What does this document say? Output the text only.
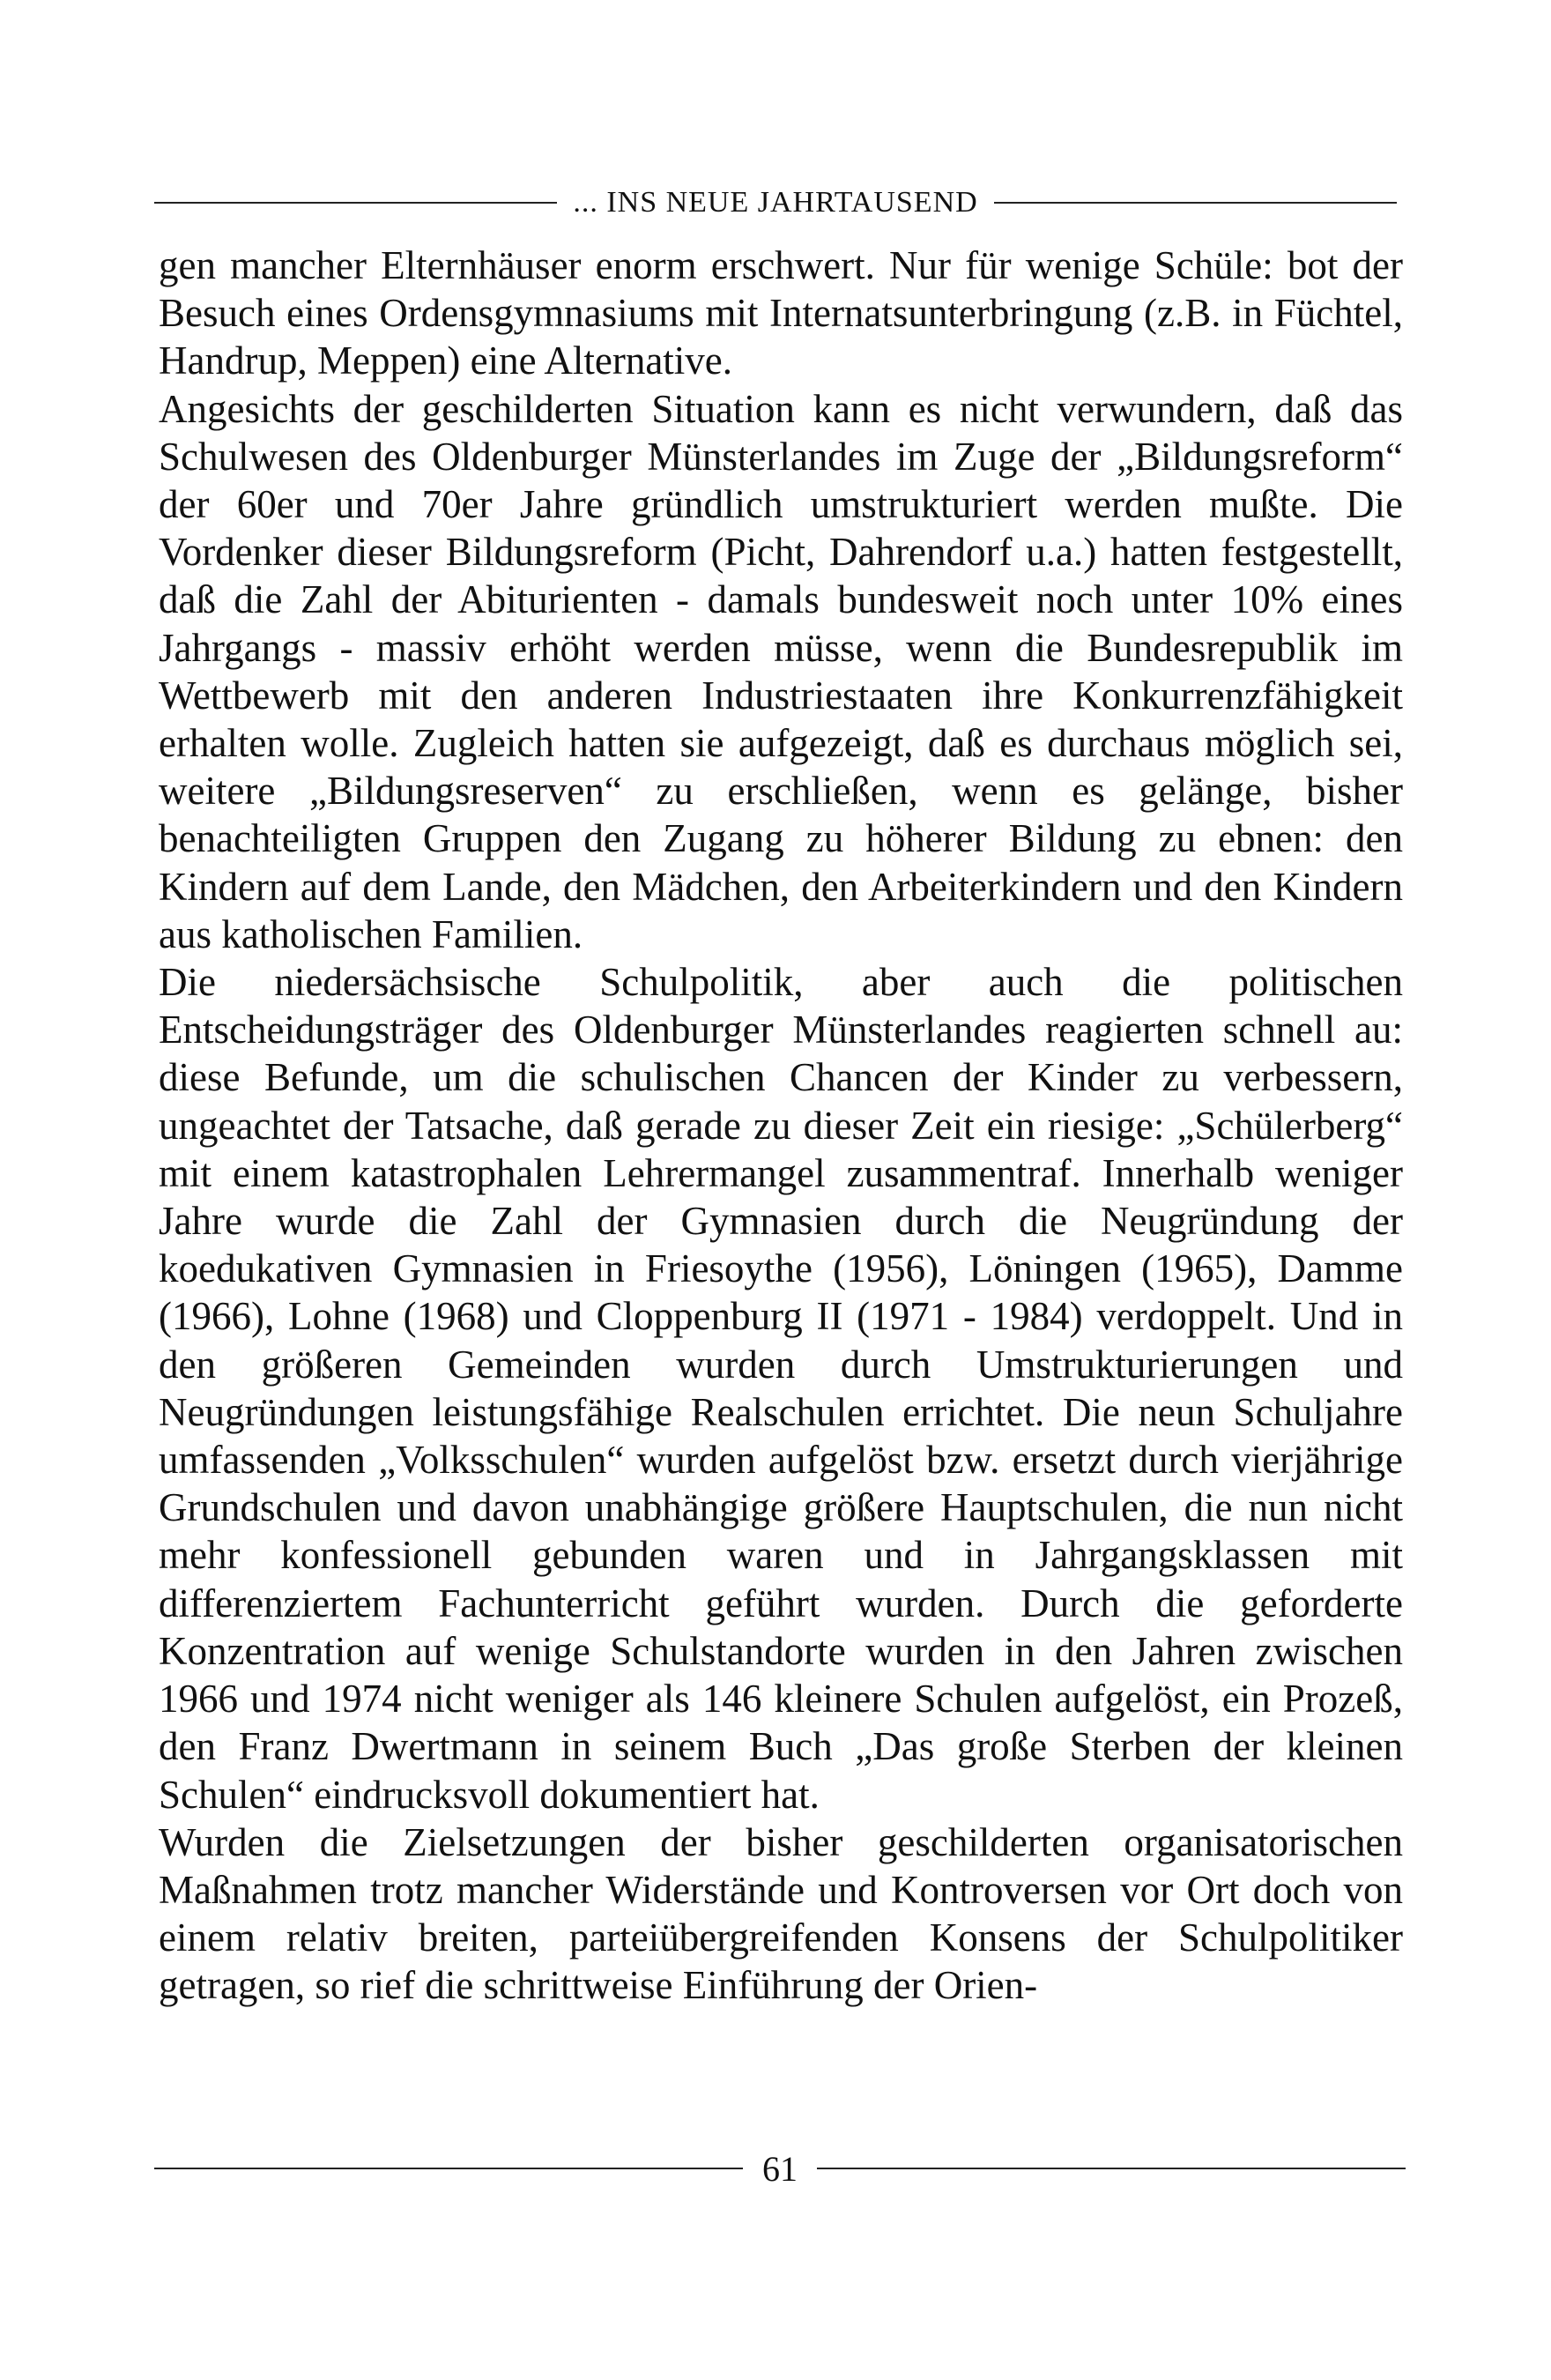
... INS NEUE JAHRTAUSEND

gen mancher Elternhäuser enorm erschwert. Nur für wenige Schüle: bot der Besuch eines Ordensgymnasiums mit Internatsunterbringung (z.B. in Füchtel, Handrup, Meppen) eine Alternative.

Angesichts der geschilderten Situation kann es nicht verwundern, daß das Schulwesen des Oldenburger Münsterlandes im Zuge der „Bildungsreform“ der 60er und 70er Jahre gründlich umstrukturiert werden mußte. Die Vordenker dieser Bildungsreform (Picht, Dahrendorf u.a.) hatten festgestellt, daß die Zahl der Abiturienten - damals bundesweit noch unter 10% eines Jahrgangs - massiv erhöht werden müsse, wenn die Bundesrepublik im Wettbewerb mit den anderen Industriestaaten ihre Konkurrenzfähigkeit erhalten wolle. Zugleich hatten sie aufgezeigt, daß es durchaus möglich sei, weitere „Bildungsreserven“ zu erschließen, wenn es gelänge, bisher benachteiligten Gruppen den Zugang zu höherer Bildung zu ebnen: den Kindern auf dem Lande, den Mädchen, den Arbeiterkindern und den Kindern aus katholischen Familien.

Die niedersächsische Schulpolitik, aber auch die politischen Entscheidungsträger des Oldenburger Münsterlandes reagierten schnell au: diese Befunde, um die schulischen Chancen der Kinder zu verbessern, ungeachtet der Tatsache, daß gerade zu dieser Zeit ein riesige: „Schülerberg“ mit einem katastrophalen Lehrermangel zusammentraf. Innerhalb weniger Jahre wurde die Zahl der Gymnasien durch die Neugründung der koedukativen Gymnasien in Friesoythe (1956), Löningen (1965), Damme (1966), Lohne (1968) und Cloppenburg II (1971 - 1984) verdoppelt. Und in den größeren Gemeinden wurden durch Umstrukturierungen und Neugründungen leistungsfähige Realschulen errichtet. Die neun Schuljahre umfassenden „Volksschulen“ wurden aufgelöst bzw. ersetzt durch vierjährige Grundschulen und davon unabhängige größere Hauptschulen, die nun nicht mehr konfessionell gebunden waren und in Jahrgangsklassen mit differenziertem Fachunterricht geführt wurden. Durch die geforderte Konzentration auf wenige Schulstandorte wurden in den Jahren zwischen 1966 und 1974 nicht weniger als 146 kleinere Schulen aufgelöst, ein Prozeß, den Franz Dwertmann in seinem Buch „Das große Sterben der kleinen Schulen“ eindrucksvoll dokumentiert hat.

Wurden die Zielsetzungen der bisher geschilderten organisatorischen Maßnahmen trotz mancher Widerstände und Kontroversen vor Ort doch von einem relativ breiten, parteiübergreifenden Konsens der Schulpolitiker getragen, so rief die schrittweise Einführung der Orien-

61
